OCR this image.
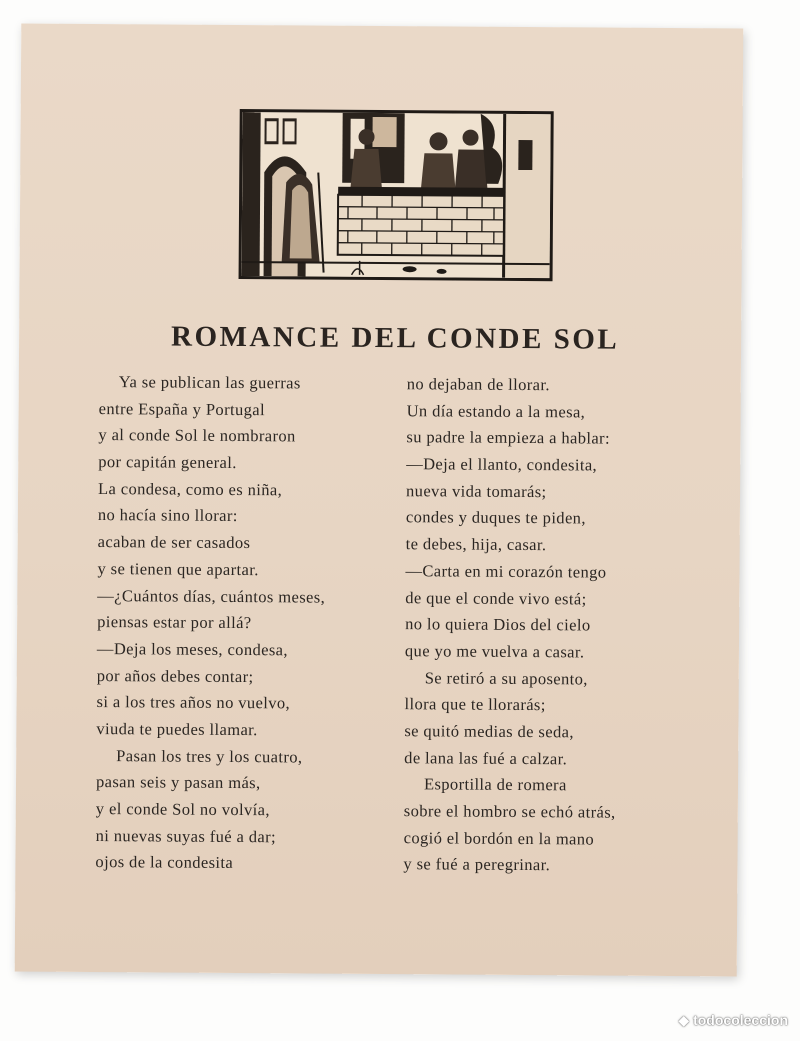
ROMANCE DEL CONDE SOL
Ya se publican las guerras
entre España y Portugal
y al conde Sol le nombraron
por capitán general.
La condesa, como es niña,
no hacía sino llorar:
acaban de ser casados
y se tienen que apartar.
—¿Cuántos días, cuántos meses,
piensas estar por allá?
—Deja los meses, condesa,
por años debes contar;
si a los tres años no vuelvo,
viuda te puedes llamar.
Pasan los tres y los cuatro,
pasan seis y pasan más,
y el conde Sol no volvía,
ni nuevas suyas fué a dar;
ojos de la condesita
no dejaban de llorar.
Un día estando a la mesa,
su padre la empieza a hablar:
—Deja el llanto, condesita,
nueva vida tomarás;
condes y duques te piden,
te debes, hija, casar.
—Carta en mi corazón tengo
de que el conde vivo está;
no lo quiera Dios del cielo
que yo me vuelva a casar.
Se retiró a su aposento,
llora que te llorarás;
se quitó medias de seda,
de lana las fué a calzar.
Esportilla de romera
sobre el hombro se echó atrás,
cogió el bordón en la mano
y se fué a peregrinar.
◆ todocoleccion
